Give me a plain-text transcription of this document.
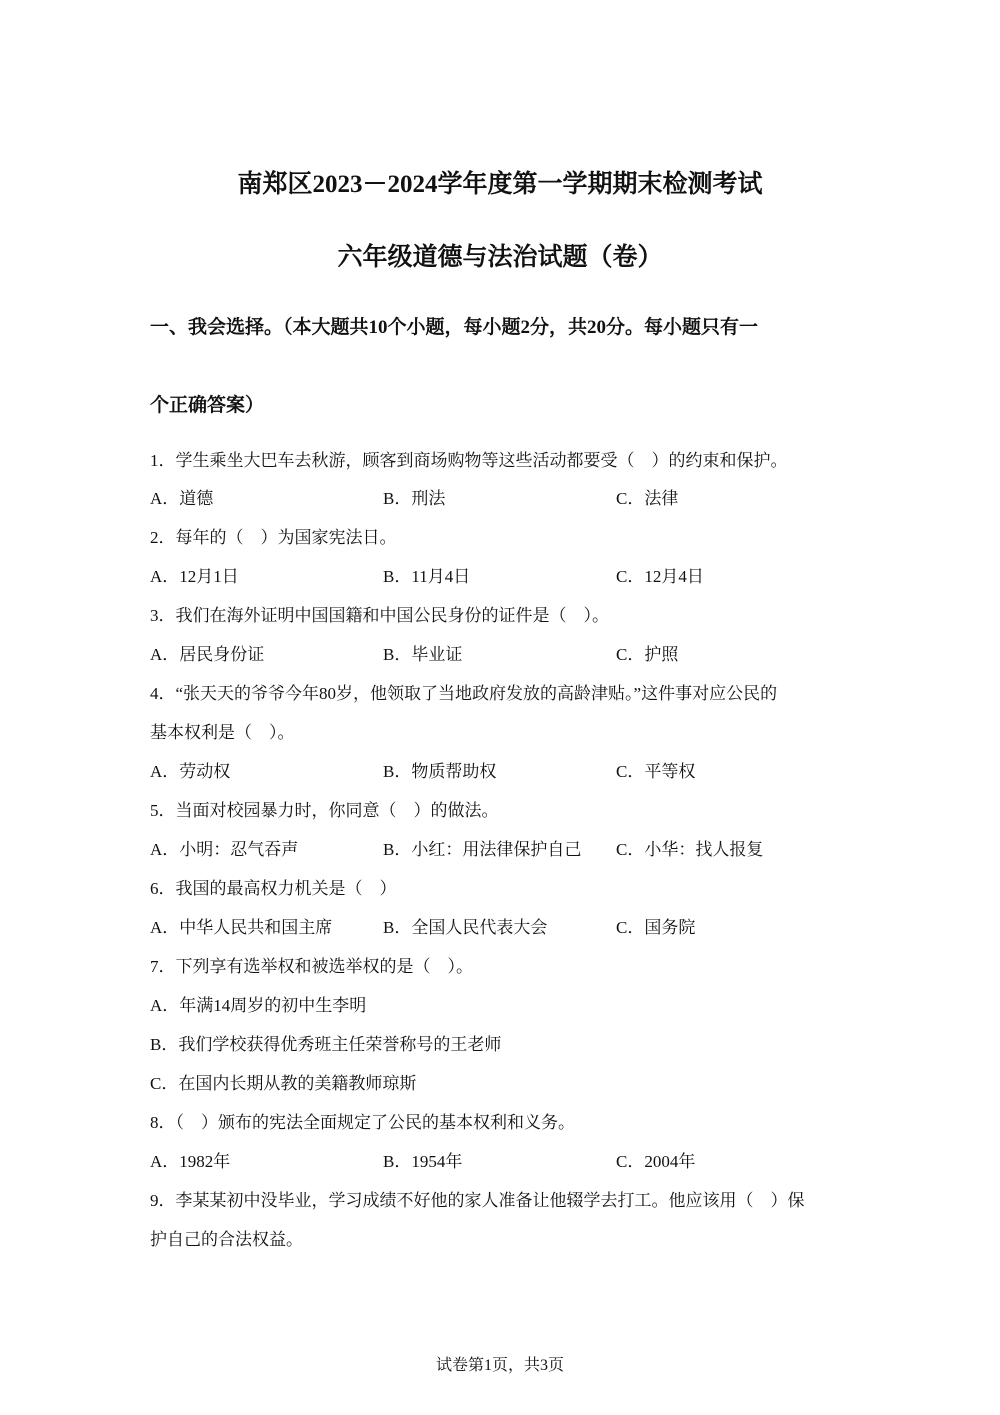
南郑区2023－2024学年度第一学期期末检测考试
六年级道德与法治试题（卷）
一、我会选择。（本大题共10个小题，每小题2分，共20分。每小题只有一
个正确答案）
1．学生乘坐大巴车去秋游，顾客到商场购物等这些活动都要受（　）的约束和保护。
A．道德	B．刑法	C．法律
2．每年的（　）为国家宪法日。
A．12月1日	B．11月4日	C．12月4日
3．我们在海外证明中国国籍和中国公民身份的证件是（　）。
A．居民身份证	B．毕业证	C．护照
4．“张天天的爷爷今年80岁，他领取了当地政府发放的高龄津贴。”这件事对应公民的
基本权利是（　）。
A．劳动权	B．物质帮助权	C．平等权
5．当面对校园暴力时，你同意（　）的做法。
A．小明：忍气吞声	B．小红：用法律保护自己 C．小华：找人报复
6．我国的最高权力机关是（　）
A．中华人民共和国主席	B．全国人民代表大会	C．国务院
7．下列享有选举权和被选举权的是（　）。
A．年满14周岁的初中生李明
B．我们学校获得优秀班主任荣誉称号的王老师
C．在国内长期从教的美籍教师琼斯
8．（　）颁布的宪法全面规定了公民的基本权利和义务。
A．1982年	B．1954年	C．2004年
9．李某某初中没毕业，学习成绩不好他的家人准备让他辍学去打工。他应该用（　）保
护自己的合法权益。
试卷第1页，共3页
